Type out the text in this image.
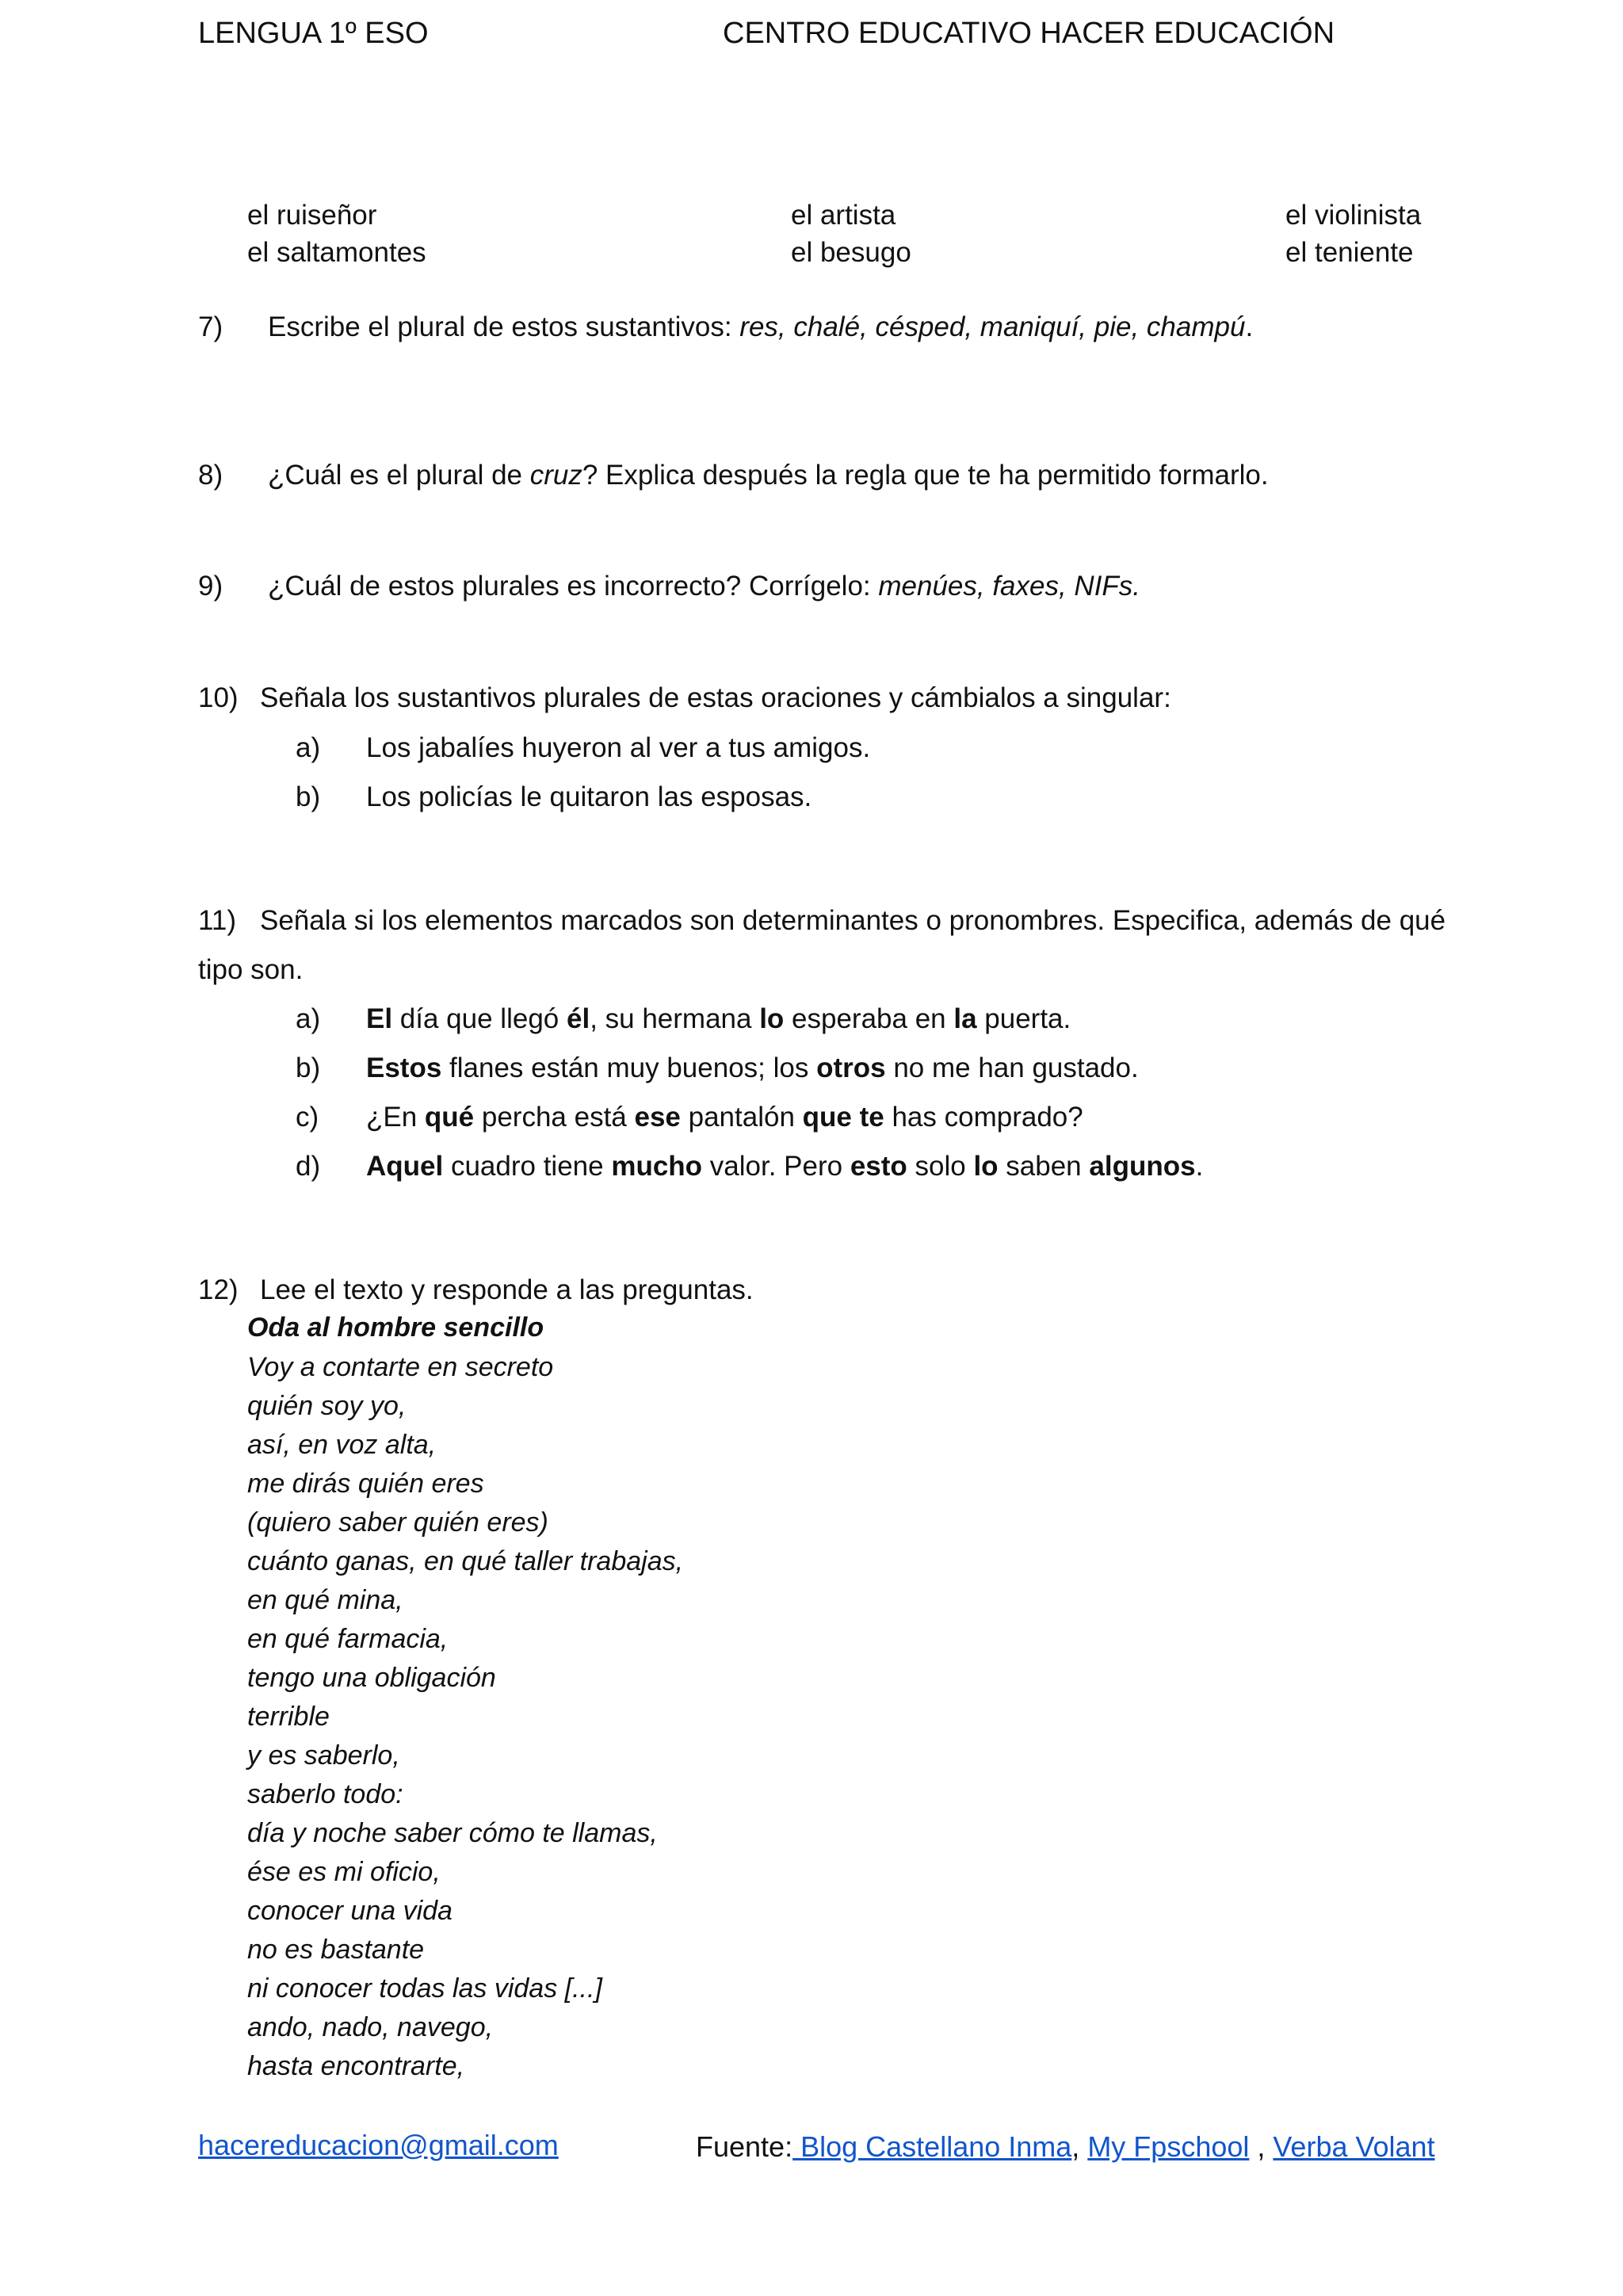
LENGUA 1º ESO	CENTRO EDUCATIVO HACER EDUCACIÓN
el ruiseñor	el artista	el violinista
el saltamontes	el besugo	el teniente
7) Escribe el plural de estos sustantivos: res, chalé, césped, maniquí, pie, champú.
8) ¿Cuál es el plural de cruz? Explica después la regla que te ha permitido formarlo.
9) ¿Cuál de estos plurales es incorrecto? Corrígelo: menúes, faxes, NIFs.
10) Señala los sustantivos plurales de estas oraciones y cámbialos a singular:
a) Los jabalíes huyeron al ver a tus amigos.
b) Los policías le quitaron las esposas.
11) Señala si los elementos marcados son determinantes o pronombres. Especifica, además de qué
tipo son.
a) El día que llegó él, su hermana lo esperaba en la puerta.
b) Estos flanes están muy buenos; los otros no me han gustado.
c) ¿En qué percha está ese pantalón que te has comprado?
d) Aquel cuadro tiene mucho valor. Pero esto solo lo saben algunos.
12) Lee el texto y responde a las preguntas.
Oda al hombre sencillo
Voy a contarte en secreto
quién soy yo,
así, en voz alta,
me dirás quién eres
(quiero saber quién eres)
cuánto ganas, en qué taller trabajas,
en qué mina,
en qué farmacia,
tengo una obligación
terrible
y es saberlo,
saberlo todo:
día y noche saber cómo te llamas,
ése es mi oficio,
conocer una vida
no es bastante
ni conocer todas las vidas [...]
ando, nado, navego,
hasta encontrarte,
hacereducacion@gmail.com	Fuente: Blog Castellano Inma, My Fpschool , Verba Volant
